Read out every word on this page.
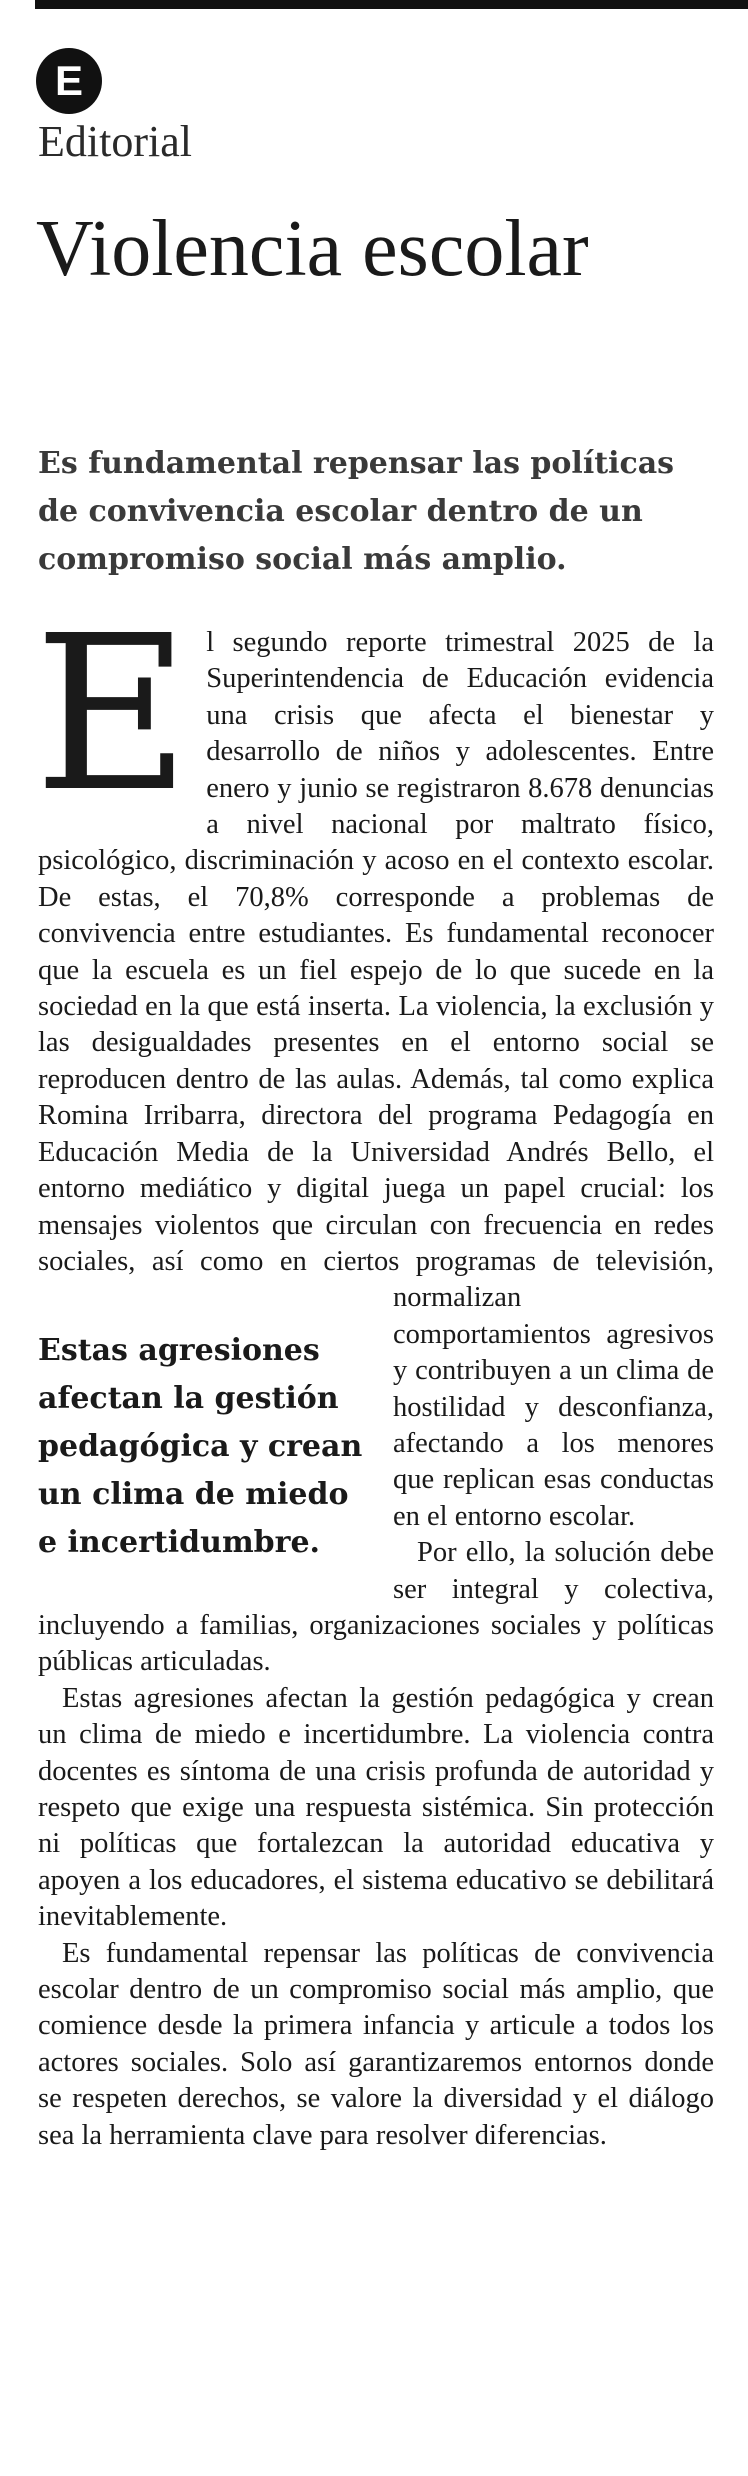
E
Editorial
Violencia escolar

Es fundamental repensar las políticas de convivencia escolar dentro de un compromiso social más amplio.

E
Estas agresiones afectan la gestión pedagógica y crean un clima de miedo e incertidumbre.

l segundo reporte trimestral 2025 de la Superintendencia de Educación evidencia una crisis que afecta el bienestar y desarrollo de niños y adolescentes. Entre enero y junio se registraron 8.678 denuncias a nivel nacional por maltrato físico, psicológico, discriminación y acoso en el contexto escolar. De estas, el 70,8% corresponde a problemas de convivencia entre estudiantes. Es fundamental reconocer que la escuela es un fiel espejo de lo que sucede en la sociedad en la que está inserta. La violencia, la exclusión y las desigualdades presentes en el entorno social se reproducen dentro de las aulas. Además, tal como explica Romina Irribarra, directora del programa Pedagogía en Educación Media de la Universidad Andrés Bello, el entorno mediático y digital juega un papel crucial: los mensajes violentos que circulan con frecuencia en redes sociales, así como en ciertos programas de televisión, normalizan comportamientos agresivos y contribuyen a un clima de hostilidad y desconfianza, afectando a los menores que replican esas conductas en el entorno escolar.

Por ello, la solución debe ser integral y colectiva, incluyendo a familias, organizaciones sociales y políticas públicas articuladas.

Estas agresiones afectan la gestión pedagógica y crean un clima de miedo e incertidumbre. La violencia contra docentes es síntoma de una crisis profunda de autoridad y respeto que exige una respuesta sistémica. Sin protección ni políticas que fortalezcan la autoridad educativa y apoyen a los educadores, el sistema educativo se debilitará inevitablemente.

Es fundamental repensar las políticas de convivencia escolar dentro de un compromiso social más amplio, que comience desde la primera infancia y articule a todos los actores sociales. Solo así garantizaremos entornos donde se respeten derechos, se valore la diversidad y el diálogo sea la herramienta clave para resolver diferencias.
